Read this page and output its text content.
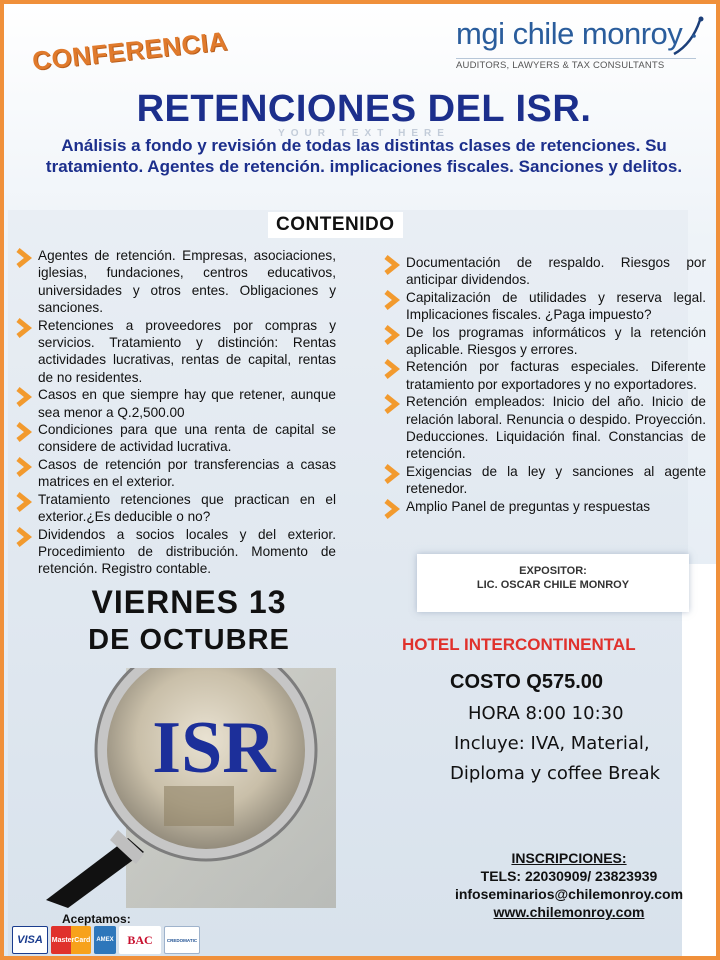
mgi chile monroy
AUDITORS, LAWYERS & TAX CONSULTANTS
CONFERENCIA
RETENCIONES DEL ISR.
YOUR TEXT HERE
Análisis a fondo y revisión de todas las distintas clases de retenciones. Su tratamiento. Agentes de retención. implicaciones fiscales. Sanciones y delitos.
CONTENIDO
Agentes de retención. Empresas, asociaciones, iglesias, fundaciones, centros educativos, universidades y otros entes. Obligaciones y sanciones.
Retenciones a proveedores por compras y servicios. Tratamiento y distinción: Rentas actividades lucrativas, rentas de capital, rentas de no residentes.
Casos en que siempre hay que retener, aunque sea menor a Q.2,500.00
Condiciones para que una renta de capital se considere de actividad lucrativa.
Casos de retención por transferencias a casas matrices en el exterior.
Tratamiento retenciones que practican en el exterior.¿Es deducible o no?
Dividendos a socios locales y del exterior. Procedimiento de distribución. Momento de retención. Registro contable.
Documentación de respaldo. Riesgos por anticipar dividendos.
Capitalización de utilidades y reserva legal. Implicaciones fiscales. ¿Paga impuesto?
De los programas informáticos y la retención aplicable. Riesgos y errores.
Retención por facturas especiales. Diferente tratamiento por exportadores y no exportadores.
Retención empleados: Inicio del año. Inicio de relación laboral. Renuncia o despido. Proyección. Deducciones. Liquidación final. Constancias de retención.
Exigencias de la ley y sanciones al agente retenedor.
Amplio Panel de preguntas y respuestas
VIERNES 13
DE OCTUBRE
ISR
EXPOSITOR:
LIC. OSCAR CHILE MONROY
HOTEL INTERCONTINENTAL
COSTO Q575.00
HORA 8:00 10:30
Incluye: IVA, Material,
Diploma y coffee Break
INSCRIPCIONES:
TELS: 22030909/ 23823939
infoseminarios@chilemonroy.com
www.chilemonroy.com
Aceptamos:
VISA	MasterCard	AMEX	BAC	CREDOMATIC
